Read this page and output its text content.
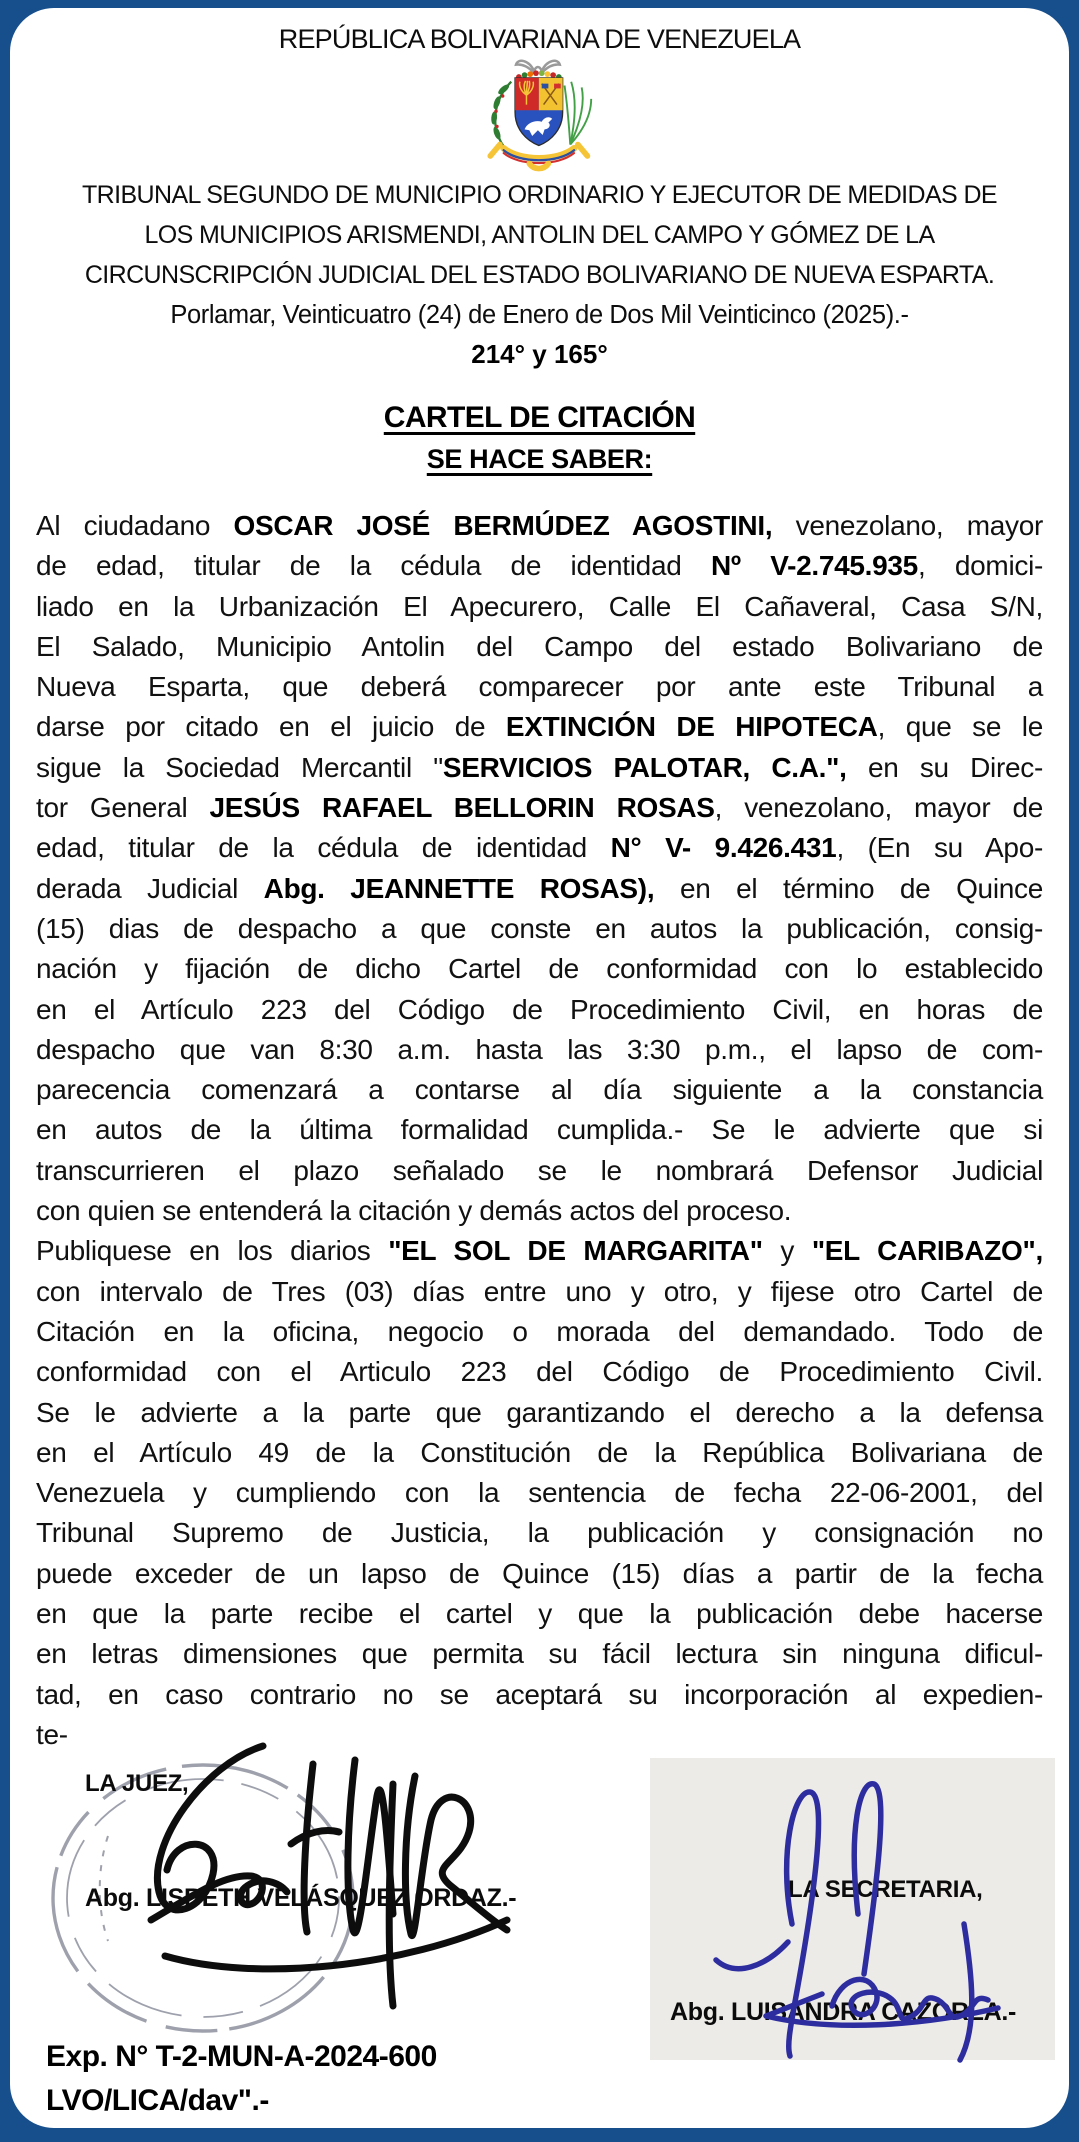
REPÚBLICA BOLIVARIANA DE VENEZUELA
TRIBUNAL SEGUNDO DE MUNICIPIO ORDINARIO Y EJECUTOR DE MEDIDAS DE
LOS MUNICIPIOS ARISMENDI, ANTOLIN DEL CAMPO Y GÓMEZ DE LA
CIRCUNSCRIPCIÓN JUDICIAL DEL ESTADO BOLIVARIANO DE NUEVA ESPARTA.
Porlamar, Veinticuatro (24) de Enero de Dos Mil Veinticinco (2025).-
214° y 165°
CARTEL DE CITACIÓN
SE HACE SABER:
Al ciudadano OSCAR JOSÉ BERMÚDEZ AGOSTINI, venezolano, mayor
de edad, titular de la cédula de identidad Nº V-2.745.935, domici-
liado en la Urbanización El Apecurero, Calle El Cañaveral, Casa S/N,
El Salado, Municipio Antolin del Campo del estado Bolivariano de
Nueva Esparta, que deberá comparecer por ante este Tribunal a
darse por citado en el juicio de EXTINCIÓN DE HIPOTECA, que se le
sigue la Sociedad Mercantil "SERVICIOS PALOTAR, C.A.", en su Direc-
tor General JESÚS RAFAEL BELLORIN ROSAS, venezolano, mayor de
edad, titular de la cédula de identidad N° V- 9.426.431, (En su Apo-
derada Judicial Abg. JEANNETTE ROSAS), en el término de Quince
(15) dias de despacho a que conste en autos la publicación, consig-
nación y fijación de dicho Cartel de conformidad con lo establecido
en el Artículo 223 del Código de Procedimiento Civil, en horas de
despacho que van 8:30 a.m. hasta las 3:30 p.m., el lapso de com-
parecencia comenzará a contarse al día siguiente a la constancia
en autos de la última formalidad cumplida.- Se le advierte que si
transcurrieren el plazo señalado se le nombrará Defensor Judicial
con quien se entenderá la citación y demás actos del proceso.
Publiquese en los diarios "EL SOL DE MARGARITA" y "EL CARIBAZO",
con intervalo de Tres (03) días entre uno y otro, y fijese otro Cartel de
Citación en la oficina, negocio o morada del demandado. Todo de
conformidad con el Articulo 223 del Código de Procedimiento Civil.
Se le advierte a la parte que garantizando el derecho a la defensa
en el Artículo 49 de la Constitución de la República Bolivariana de
Venezuela y cumpliendo con la sentencia de fecha 22-06-2001, del
Tribunal Supremo de Justicia, la publicación y consignación no
puede exceder de un lapso de Quince (15) días a partir de la fecha
en que la parte recibe el cartel y que la publicación debe hacerse
en letras dimensiones que permita su fácil lectura sin ninguna dificul-
tad, en caso contrario no se aceptará su incorporación al expedien-
te-
LA JUEZ,
Abg. LISBETH VELÁSQUEZ ORDAZ.-	LA SECRETARIA,
Abg. LUISANDRA CAZORLA.-
Exp. N° T-2-MUN-A-2024-600
LVO/LICA/dav".-
